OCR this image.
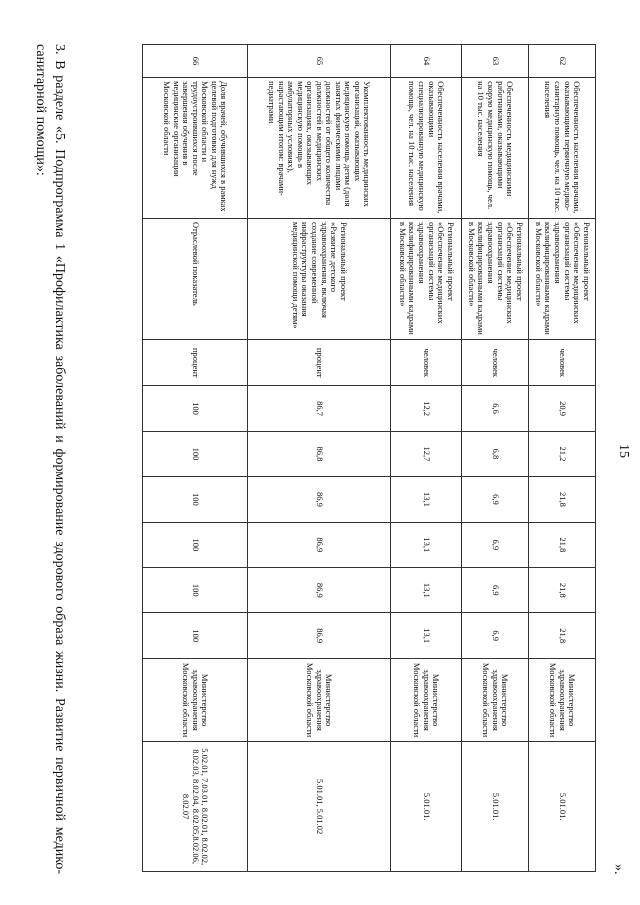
15
».
62	Обеспеченность населения врачами, оказывающими первичную медико-санитарную помощь, чел. на 10 тыс. населения	Региональный проект «Обеспечение медицинских организаций системы здравоохранения квалифицированными кадрами в Московской области»	человек	20,9	21,2	21,8	21,8	21,8	21,8	Министерство здравоохранения Московской области	5.01.01.
63	Обеспеченность медицинскими работниками, оказывающими скорую медицинскую помощь, чел. на 10 тыс. населения	Региональный проект «Обеспечение медицинских организаций системы здравоохранения квалифицированными кадрами в Московской области»	человек	6,6	6,8	6,9	6,9	6,9	6,9	Министерство здравоохранения Московской области	5.01.01.
64	Обеспеченность населения врачами, оказывающими специализированную медицинскую помощь, чел. на 10 тыс. населения	Региональный проект «Обеспечение медицинских организаций системы здравоохранения квалифицированными кадрами в Московской области»	человек	12,2	12,7	13,1	13,1	13,1	13,1	Министерство здравоохранения Московской области	5.01.01.
65	Укомплектованность медицинских организаций, оказывающих медицинскую помощь детям (доля занятых физическими лицами должностей от общего количества должностей в медицинских организациях, оказывающих медицинскую помощь в амбулаторных условиях), нарастающим итогом: врачами-педиатрами	Региональный проект «Развитие детского здравоохранения, включая создание современной инфраструктуры оказания медицинской помощи детям»	процент	86,7	86,8	86,9	86,9	86,9	86,9	Министерство здравоохранения Московской области	5.01.01, 5.01.02
66	Доля врачей, обучившихся в рамках целевой подготовки для нужд Московской области и трудоустроившихся после завершения обучения в медицинские организации Московской области	Отраслевой показатель	процент	100	100	100	100	100	100	Министерство здравоохранения Московской области	5.02.01, 7.03.01, 8.02.01, 8.02.02, 8.02.03, 8.02.04, 8.02.05,8.02.06, 8.02.07
3. В разделе «5. Подпрограмма 1 «Профилактика заболеваний и формирование здорового образа жизни. Развитие первичной медико-санитарной помощи»:
